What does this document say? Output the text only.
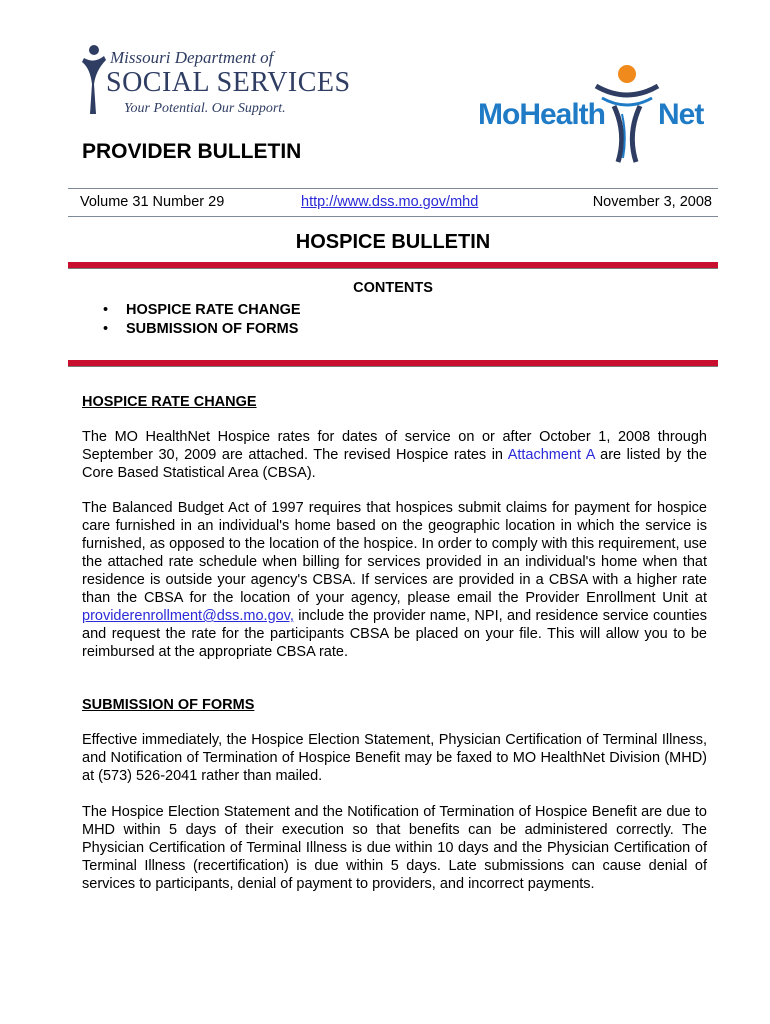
Missouri Department of
SOCIAL SERVICES
Your Potential. Our Support.	MoHealth Net
PROVIDER BULLETIN
Volume 31 Number 29	http://www.dss.mo.gov/mhd	November 3, 2008
HOSPICE BULLETIN
CONTENTS
• HOSPICE RATE CHANGE
• SUBMISSION OF FORMS
HOSPICE RATE CHANGE
The MO HealthNet Hospice rates for dates of service on or after October 1, 2008 through September 30, 2009 are attached. The revised Hospice rates in Attachment A are listed by the Core Based Statistical Area (CBSA).
The Balanced Budget Act of 1997 requires that hospices submit claims for payment for hospice care furnished in an individual's home based on the geographic location in which the service is furnished, as opposed to the location of the hospice. In order to comply with this requirement, use the attached rate schedule when billing for services provided in an individual's home when that residence is outside your agency's CBSA. If services are provided in a CBSA with a higher rate than the CBSA for the location of your agency, please email the Provider Enrollment Unit at providerenrollment@dss.mo.gov, include the provider name, NPI, and residence service counties and request the rate for the participants CBSA be placed on your file. This will allow you to be reimbursed at the appropriate CBSA rate.
SUBMISSION OF FORMS
Effective immediately, the Hospice Election Statement, Physician Certification of Terminal Illness, and Notification of Termination of Hospice Benefit may be faxed to MO HealthNet Division (MHD) at (573) 526-2041 rather than mailed.
The Hospice Election Statement and the Notification of Termination of Hospice Benefit are due to MHD within 5 days of their execution so that benefits can be administered correctly. The Physician Certification of Terminal Illness is due within 10 days and the Physician Certification of Terminal Illness (recertification) is due within 5 days. Late submissions can cause denial of services to participants, denial of payment to providers, and incorrect payments.
